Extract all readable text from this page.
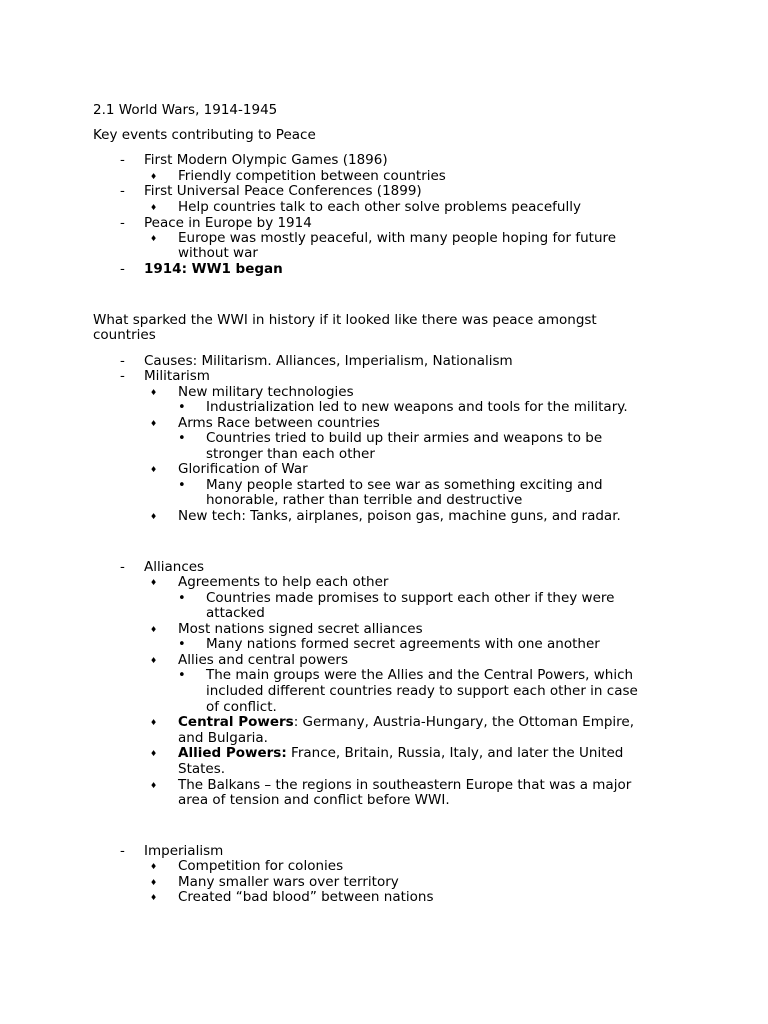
2.1 World Wars, 1914-1945
Key events contributing to Peace
- First Modern Olympic Games (1896)
♦ Friendly competition between countries
- First Universal Peace Conferences (1899)
♦ Help countries talk to each other solve problems peacefully
- Peace in Europe by 1914
♦ Europe was mostly peaceful, with many people hoping for future
without war
- 1914: WW1 began
What sparked the WWI in history if it looked like there was peace amongst
countries
- Causes: Militarism. Alliances, Imperialism, Nationalism
- Militarism
♦ New military technologies
• Industrialization led to new weapons and tools for the military.
♦ Arms Race between countries
• Countries tried to build up their armies and weapons to be
stronger than each other
♦ Glorification of War
• Many people started to see war as something exciting and
honorable, rather than terrible and destructive
♦ New tech: Tanks, airplanes, poison gas, machine guns, and radar.
- Alliances
♦ Agreements to help each other
• Countries made promises to support each other if they were
attacked
♦ Most nations signed secret alliances
• Many nations formed secret agreements with one another
♦ Allies and central powers
• The main groups were the Allies and the Central Powers, which
included different countries ready to support each other in case
of conflict.
♦ Central Powers: Germany, Austria-Hungary, the Ottoman Empire,
and Bulgaria.
♦ Allied Powers: France, Britain, Russia, Italy, and later the United
States.
♦ The Balkans – the regions in southeastern Europe that was a major
area of tension and conflict before WWI.
- Imperialism
♦ Competition for colonies
♦ Many smaller wars over territory
♦ Created “bad blood” between nations
